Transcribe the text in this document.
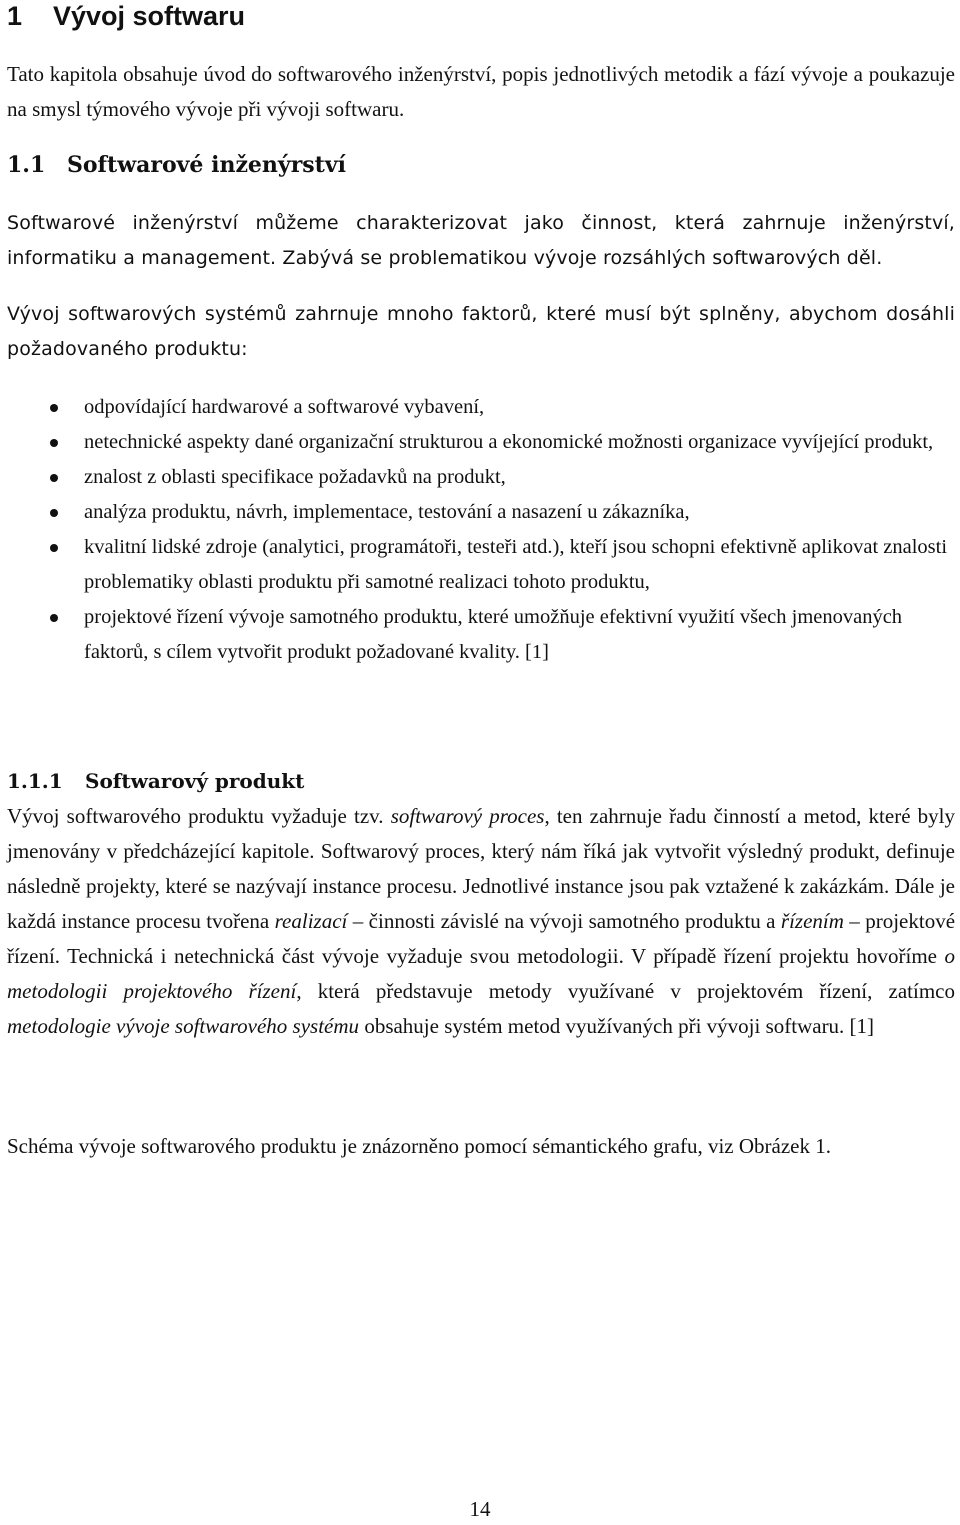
1 Vývoj softwaru

Tato kapitola obsahuje úvod do softwarového inženýrství, popis jednotlivých metodik a fází vývoje a poukazuje na smysl týmového vývoje při vývoji softwaru.

1.1 Softwarové inženýrství

Softwarové inženýrství můžeme charakterizovat jako činnost, která zahrnuje inženýrství, informatiku a management. Zabývá se problematikou vývoje rozsáhlých softwarových děl.

Vývoj softwarových systémů zahrnuje mnoho faktorů, které musí být splněny, abychom dosáhli požadovaného produktu:

odpovídající hardwarové a softwarové vybavení,
netechnické aspekty dané organizační strukturou a ekonomické možnosti organizace vyvíjející produkt,
znalost z oblasti specifikace požadavků na produkt,
analýza produktu, návrh, implementace, testování a nasazení u zákazníka,
kvalitní lidské zdroje (analytici, programátoři, testeři atd.), kteří jsou schopni efektivně aplikovat znalosti problematiky oblasti produktu při samotné realizaci tohoto produktu,
projektové řízení vývoje samotného produktu, které umožňuje efektivní využití všech jmenovaných faktorů, s cílem vytvořit produkt požadované kvality. [1]
1.1.1 Softwarový produkt

Vývoj softwarového produktu vyžaduje tzv. softwarový proces, ten zahrnuje řadu činností a metod, které byly jmenovány v předcházející kapitole. Softwarový proces, který nám říká jak vytvořit výsledný produkt, definuje následně projekty, které se nazývají instance procesu. Jednotlivé instance jsou pak vztažené k zakázkám. Dále je každá instance procesu tvořena realizací – činnosti závislé na vývoji samotného produktu a řízením – projektové řízení. Technická i netechnická část vývoje vyžaduje svou metodologii. V případě řízení projektu hovoříme o metodologii projektového řízení, která představuje metody využívané v projektovém řízení, zatímco metodologie vývoje softwarového systému obsahuje systém metod využívaných při vývoji softwaru. [1]

Schéma vývoje softwarového produktu je znázorněno pomocí sémantického grafu, viz Obrázek 1.

14
